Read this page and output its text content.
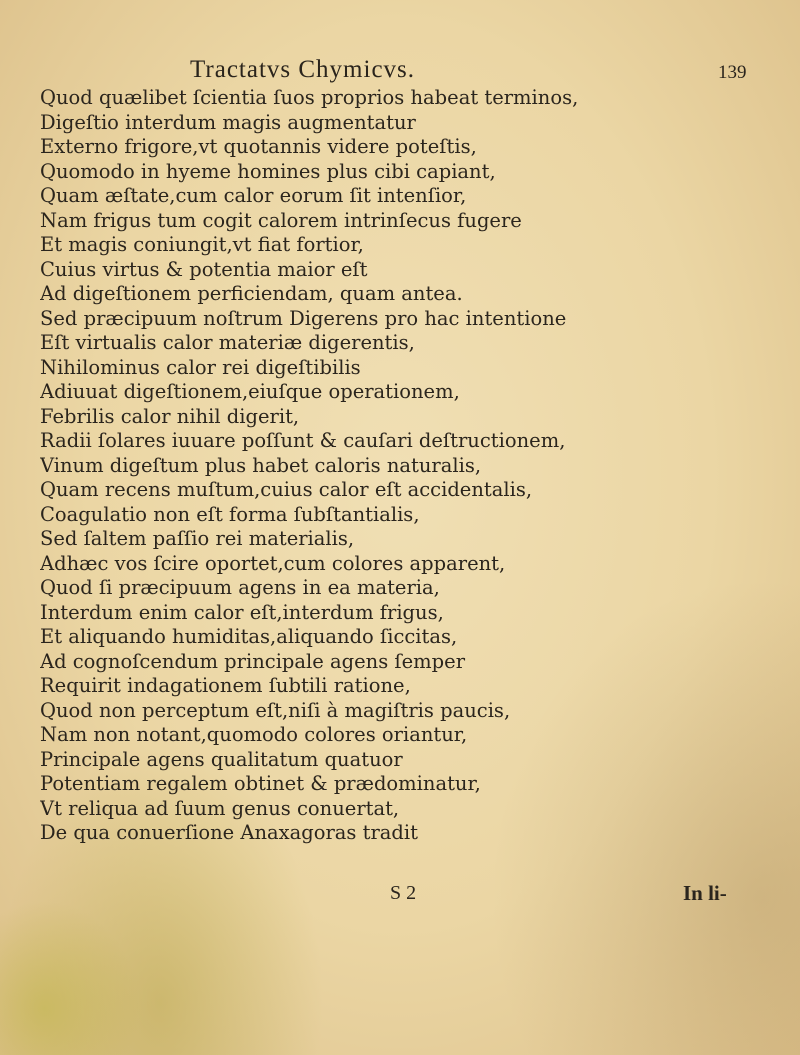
Tractatvs Chymicvs.	139
Quod quælibet ſcientia ſuos proprios habeat terminos,
Digeſtio interdum magis augmentatur
Externo frigore,vt quotannis videre poteſtis,
Quomodo in hyeme homines plus cibi capiant,
Quam æſtate,cum calor eorum ſit intenſior,
Nam frigus tum cogit calorem intrinſecus fugere
Et magis coniungit,vt fiat fortior,
Cuius virtus & potentia maior eſt
Ad digeſtionem perficiendam, quam antea.
Sed præcipuum noſtrum Digerens pro hac intentione
Eſt virtualis calor materiæ digerentis,
Nihilominus calor rei digeſtibilis
Adiuuat digeſtionem,eiuſque operationem,
Febrilis calor nihil digerit,
Radii ſolares iuuare poſſunt & cauſari deſtructionem,
Vinum digeſtum plus habet caloris naturalis,
Quam recens muſtum,cuius calor eſt accidentalis,
Coagulatio non eſt forma ſubſtantialis,
Sed ſaltem paſſio rei materialis,
Adhæc vos ſcire oportet,cum colores apparent,
Quod ſi præcipuum agens in ea materia,
Interdum enim calor eſt,interdum frigus,
Et aliquando humiditas,aliquando ſiccitas,
Ad cognoſcendum principale agens ſemper
Requirit indagationem ſubtili ratione,
Quod non perceptum eſt,niſi à magiſtris paucis,
Nam non notant,quomodo colores oriantur,
Principale agens qualitatum quatuor
Potentiam regalem obtinet & prædominatur,
Vt reliqua ad ſuum genus conuertat,
De qua conuerſione Anaxagoras tradit
S 2	In li-
